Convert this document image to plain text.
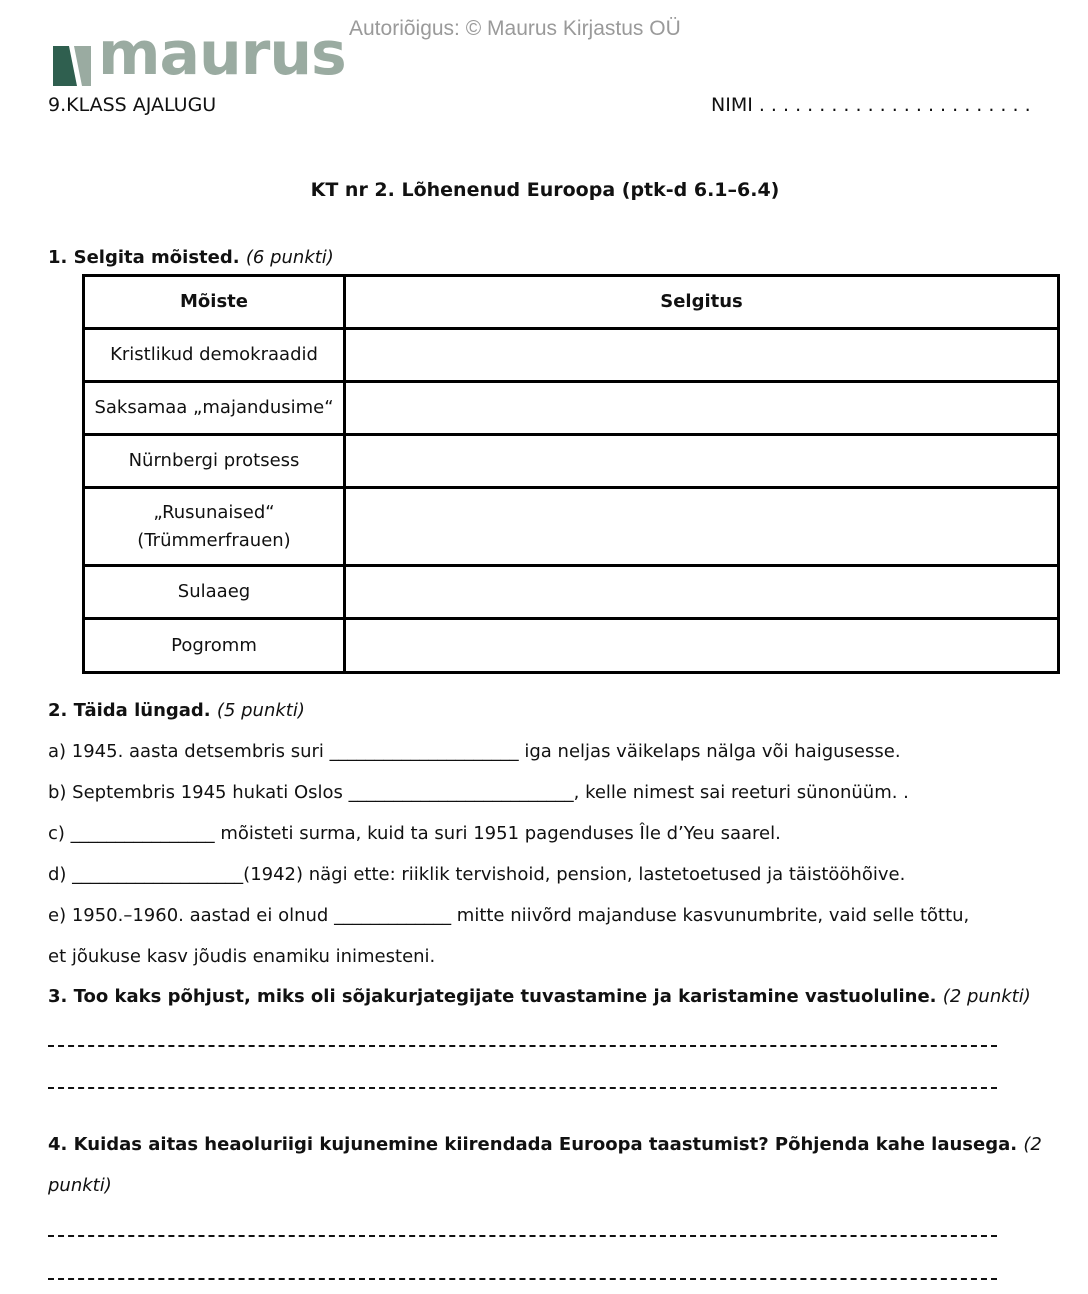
Autoriõigus: © Maurus Kirjastus OÜ
maurus
9.KLASS AJALUGU	NIMI . . . . . . . . . . . . . . . . . . . . . . .
KT nr 2. Lõhenenud Euroopa (ptk-d 6.1–6.4)
1. Selgita mõisted. (6 punkti)
Mõiste	Selgitus
Kristlikud demokraadid	
Saksamaa „majandusime“	
Nürnbergi protsess	

„Rusunaised“
(Trümmerfrauen)	

Sulaaeg	
Pogromm	
2. Täida lüngad. (5 punkti)
a) 1945. aasta detsembris suri _____________________ iga neljas väikelaps nälga või haigusesse.
b) Septembris 1945 hukati Oslos _________________________, kelle nimest sai reeturi sünonüüm. .
c) ________________ mõisteti surma, kuid ta suri 1951 pagenduses Île d’Yeu saarel.
d) ___________________(1942) nägi ette: riiklik tervishoid, pension, lastetoetused ja täistööhõive.
e) 1950.–1960. aastad ei olnud _____________ mitte niivõrd majanduse kasvunumbrite, vaid selle tõttu,
et jõukuse kasv jõudis enamiku inimesteni.
3. Too kaks põhjust, miks oli sõjakurjategijate tuvastamine ja karistamine vastuoluline. (2 punkti)
4. Kuidas aitas heaoluriigi kujunemine kiirendada Euroopa taastumist? Põhjenda kahe lausega. (2
punkti)
